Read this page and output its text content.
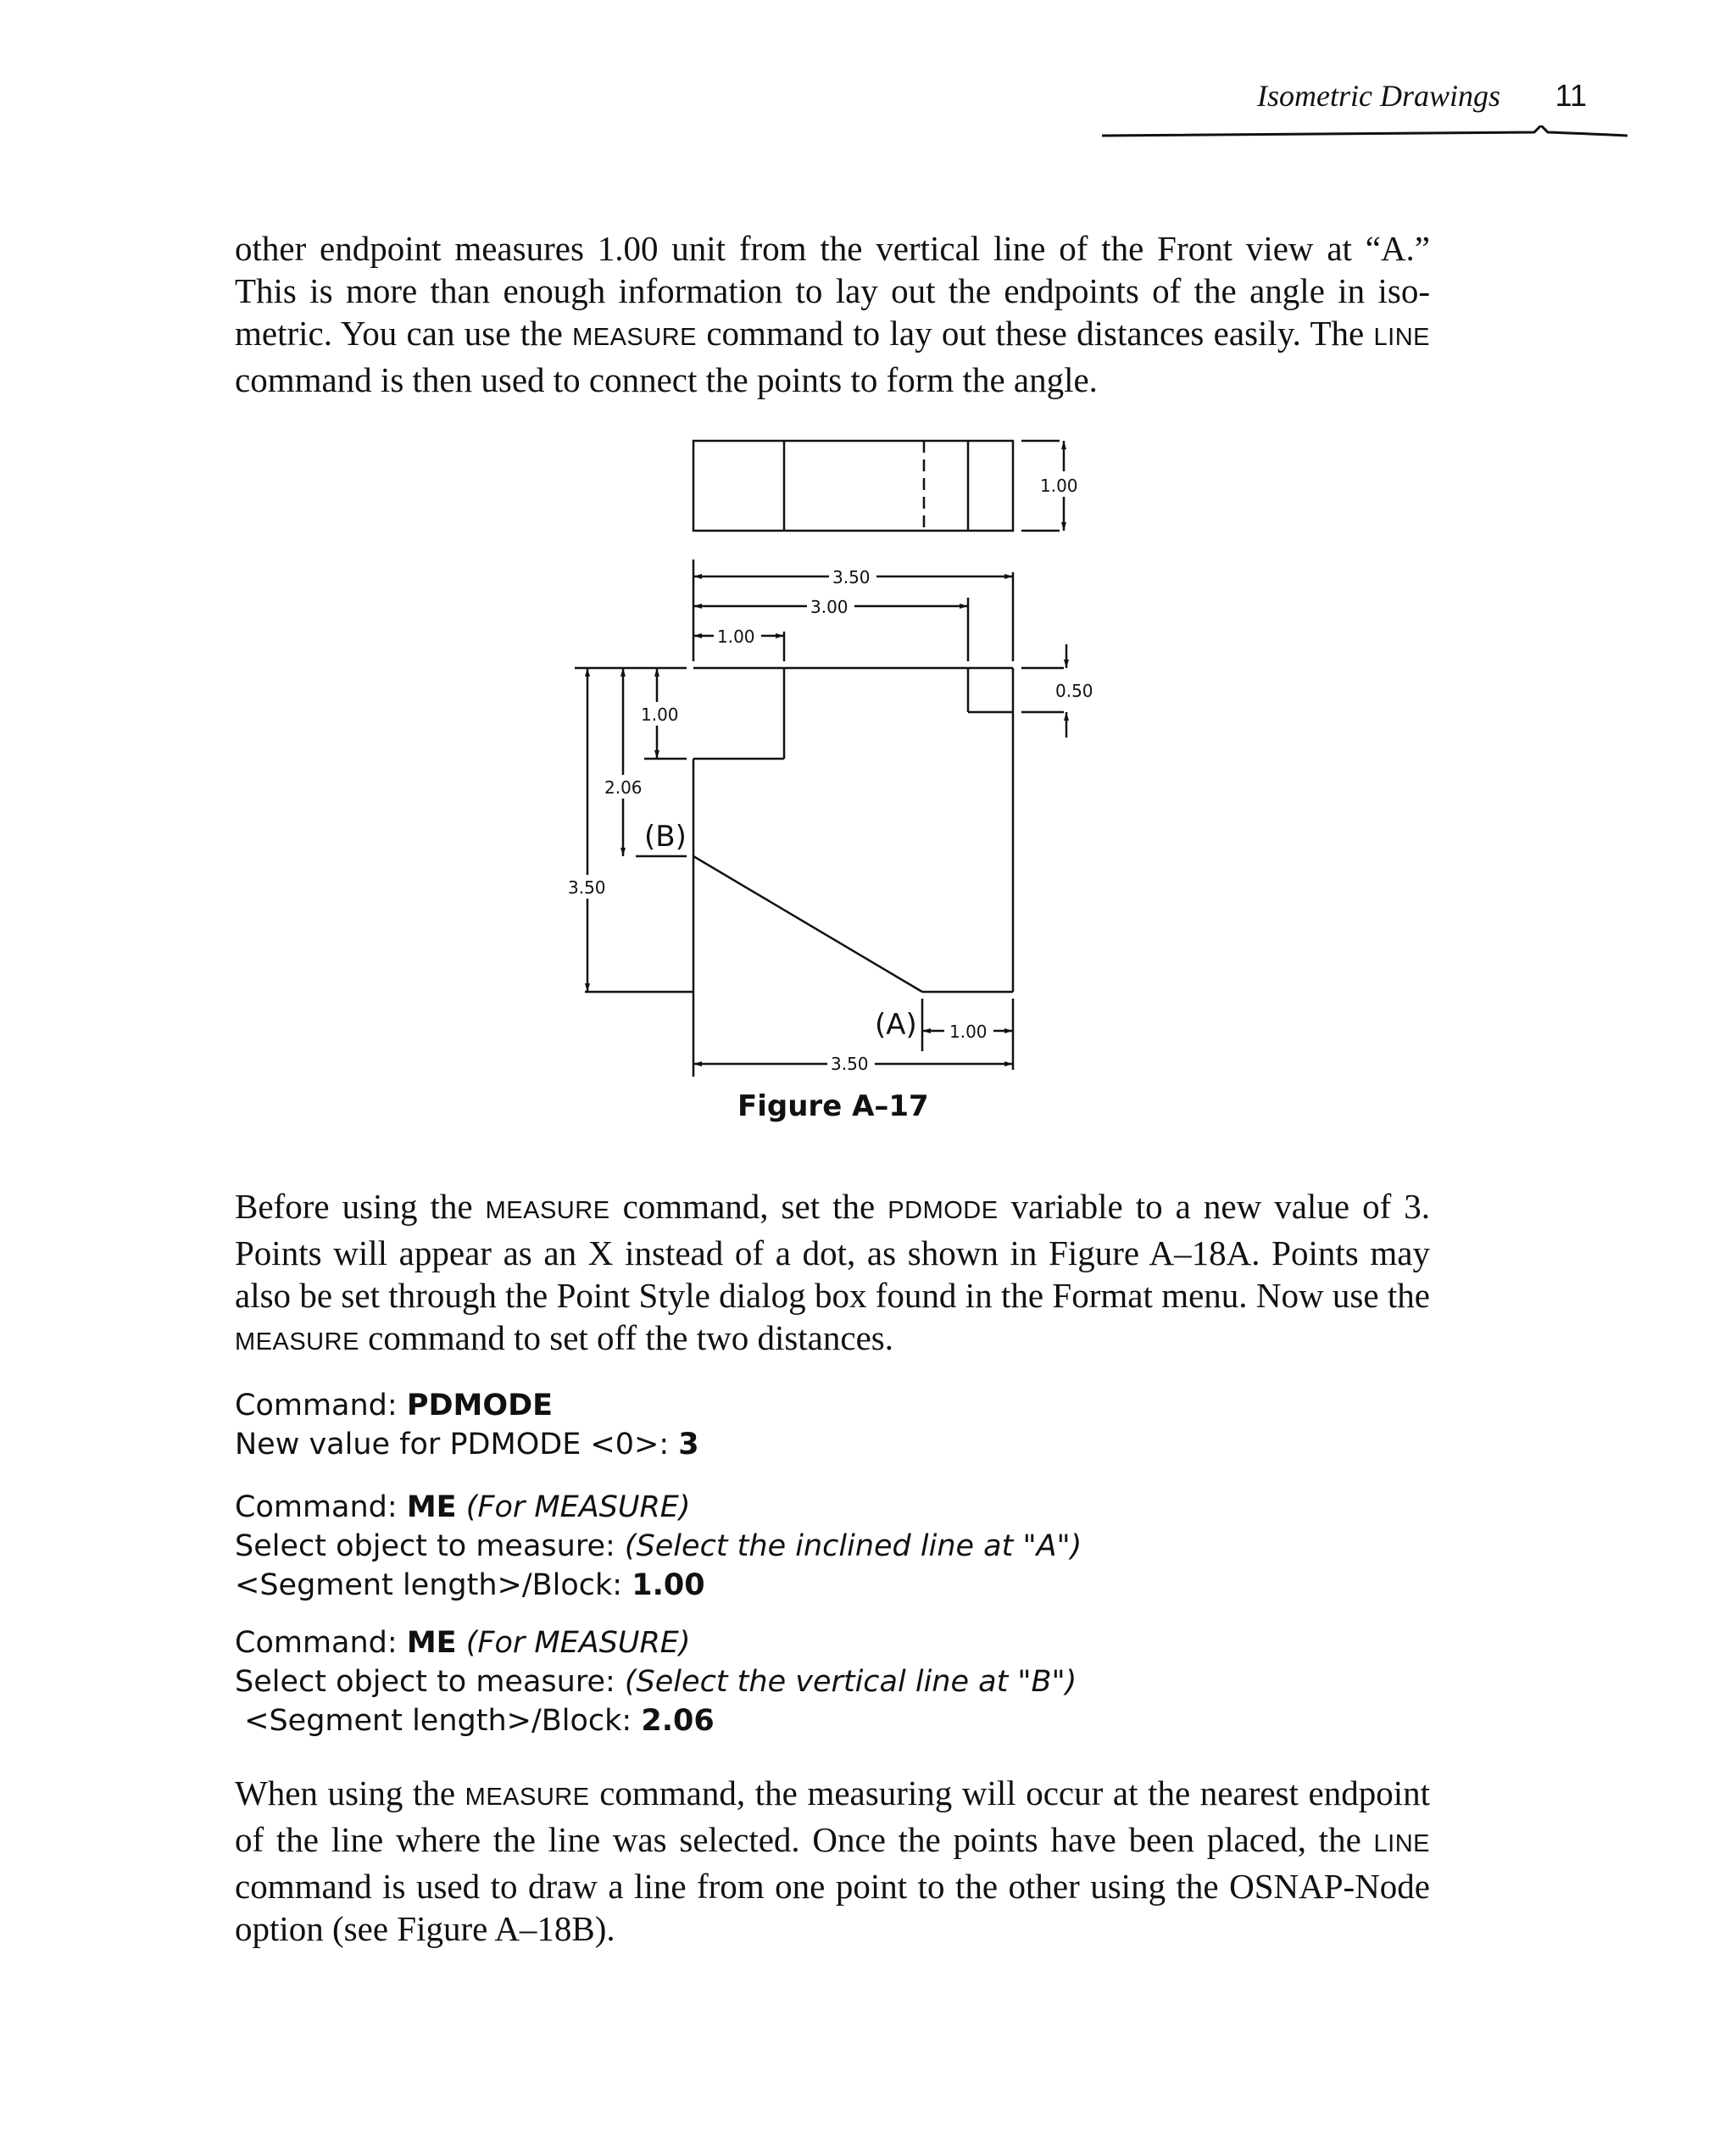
Isometric Drawings 11
other endpoint measures 1.00 unit from the vertical line of the Front view at “A.” This is more than enough information to lay out the endpoints of the angle in iso-metric. You can use the MEASURE command to lay out these distances easily. The LINE command is then used to connect the points to form the angle.
1.00
3.50
3.00
1.00
0.50
1.00
2.06
3.50
1.00
3.50
(B)
(A)
Figure A–17
Before using the MEASURE command, set the PDMODE variable to a new value of 3. Points will appear as an X instead of a dot, as shown in Figure A–18A. Points may also be set through the Point Style dialog box found in the Format menu. Now use the MEASURE command to set off the two distances.
Command: PDMODE
New value for PDMODE <0>: 3
Command: ME (For MEASURE)
Select object to measure: (Select the inclined line at "A")
<Segment length>/Block: 1.00
Command: ME (For MEASURE)
Select object to measure: (Select the vertical line at "B")
<Segment length>/Block: 2.06
When using the MEASURE command, the measuring will occur at the nearest endpoint of the line where the line was selected. Once the points have been placed, the LINE command is used to draw a line from one point to the other using the OSNAP-Node option (see Figure A–18B).
